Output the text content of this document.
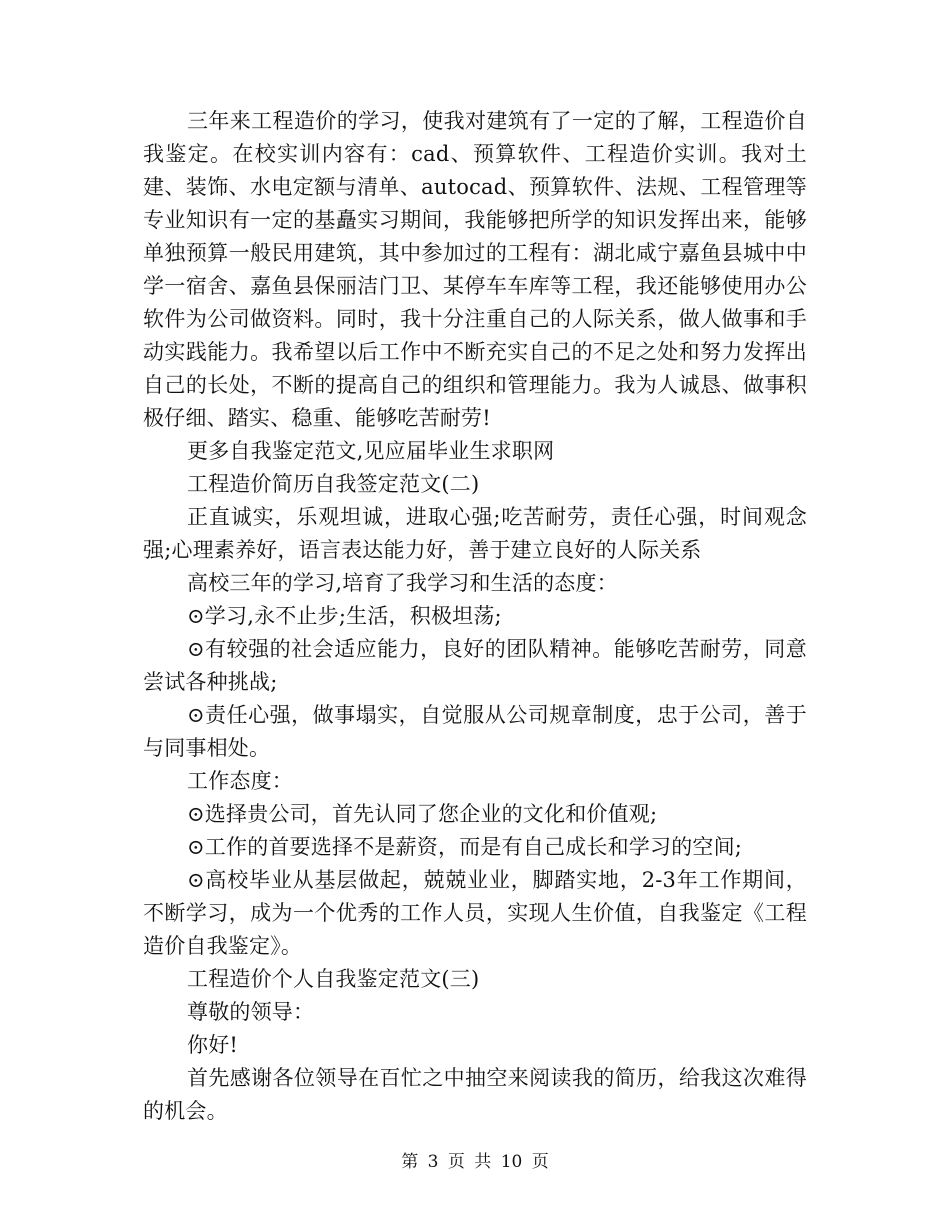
三年来工程造价的学习，使我对建筑有了一定的了解，工程造价自我鉴定。在校实训内容有：cad、预算软件、工程造价实训。我对土建、装饰、水电定额与清单、autocad、预算软件、法规、工程管理等专业知识有一定的基矗实习期间，我能够把所学的知识发挥出来，能够单独预算一般民用建筑，其中参加过的工程有：湖北咸宁嘉鱼县城中中学一宿舍、嘉鱼县保丽洁门卫、某停车车库等工程，我还能够使用办公软件为公司做资料。同时，我十分注重自己的人际关系，做人做事和手动实践能力。我希望以后工作中不断充实自己的不足之处和努力发挥出自己的长处，不断的提高自己的组织和管理能力。我为人诚恳、做事积极仔细、踏实、稳重、能够吃苦耐劳!

更多自我鉴定范文,见应届毕业生求职网

工程造价简历自我签定范文(二)

正直诚实，乐观坦诚，进取心强;吃苦耐劳，责任心强，时间观念强;心理素养好，语言表达能力好，善于建立良好的人际关系

高校三年的学习,培育了我学习和生活的态度：

⊙学习,永不止步;生活，积极坦荡;

⊙有较强的社会适应能力，良好的团队精神。能够吃苦耐劳，同意尝试各种挑战;

⊙责任心强，做事塌实，自觉服从公司规章制度，忠于公司，善于与同事相处。

工作态度：

⊙选择贵公司，首先认同了您企业的文化和价值观;

⊙工作的首要选择不是薪资，而是有自己成长和学习的空间;

⊙高校毕业从基层做起，兢兢业业，脚踏实地，2-3年工作期间，不断学习，成为一个优秀的工作人员，实现人生价值，自我鉴定《工程造价自我鉴定》。

工程造价个人自我鉴定范文(三)

尊敬的领导：

你好!

首先感谢各位领导在百忙之中抽空来阅读我的简历，给我这次难得的机会。

第 3 页 共 10 页
